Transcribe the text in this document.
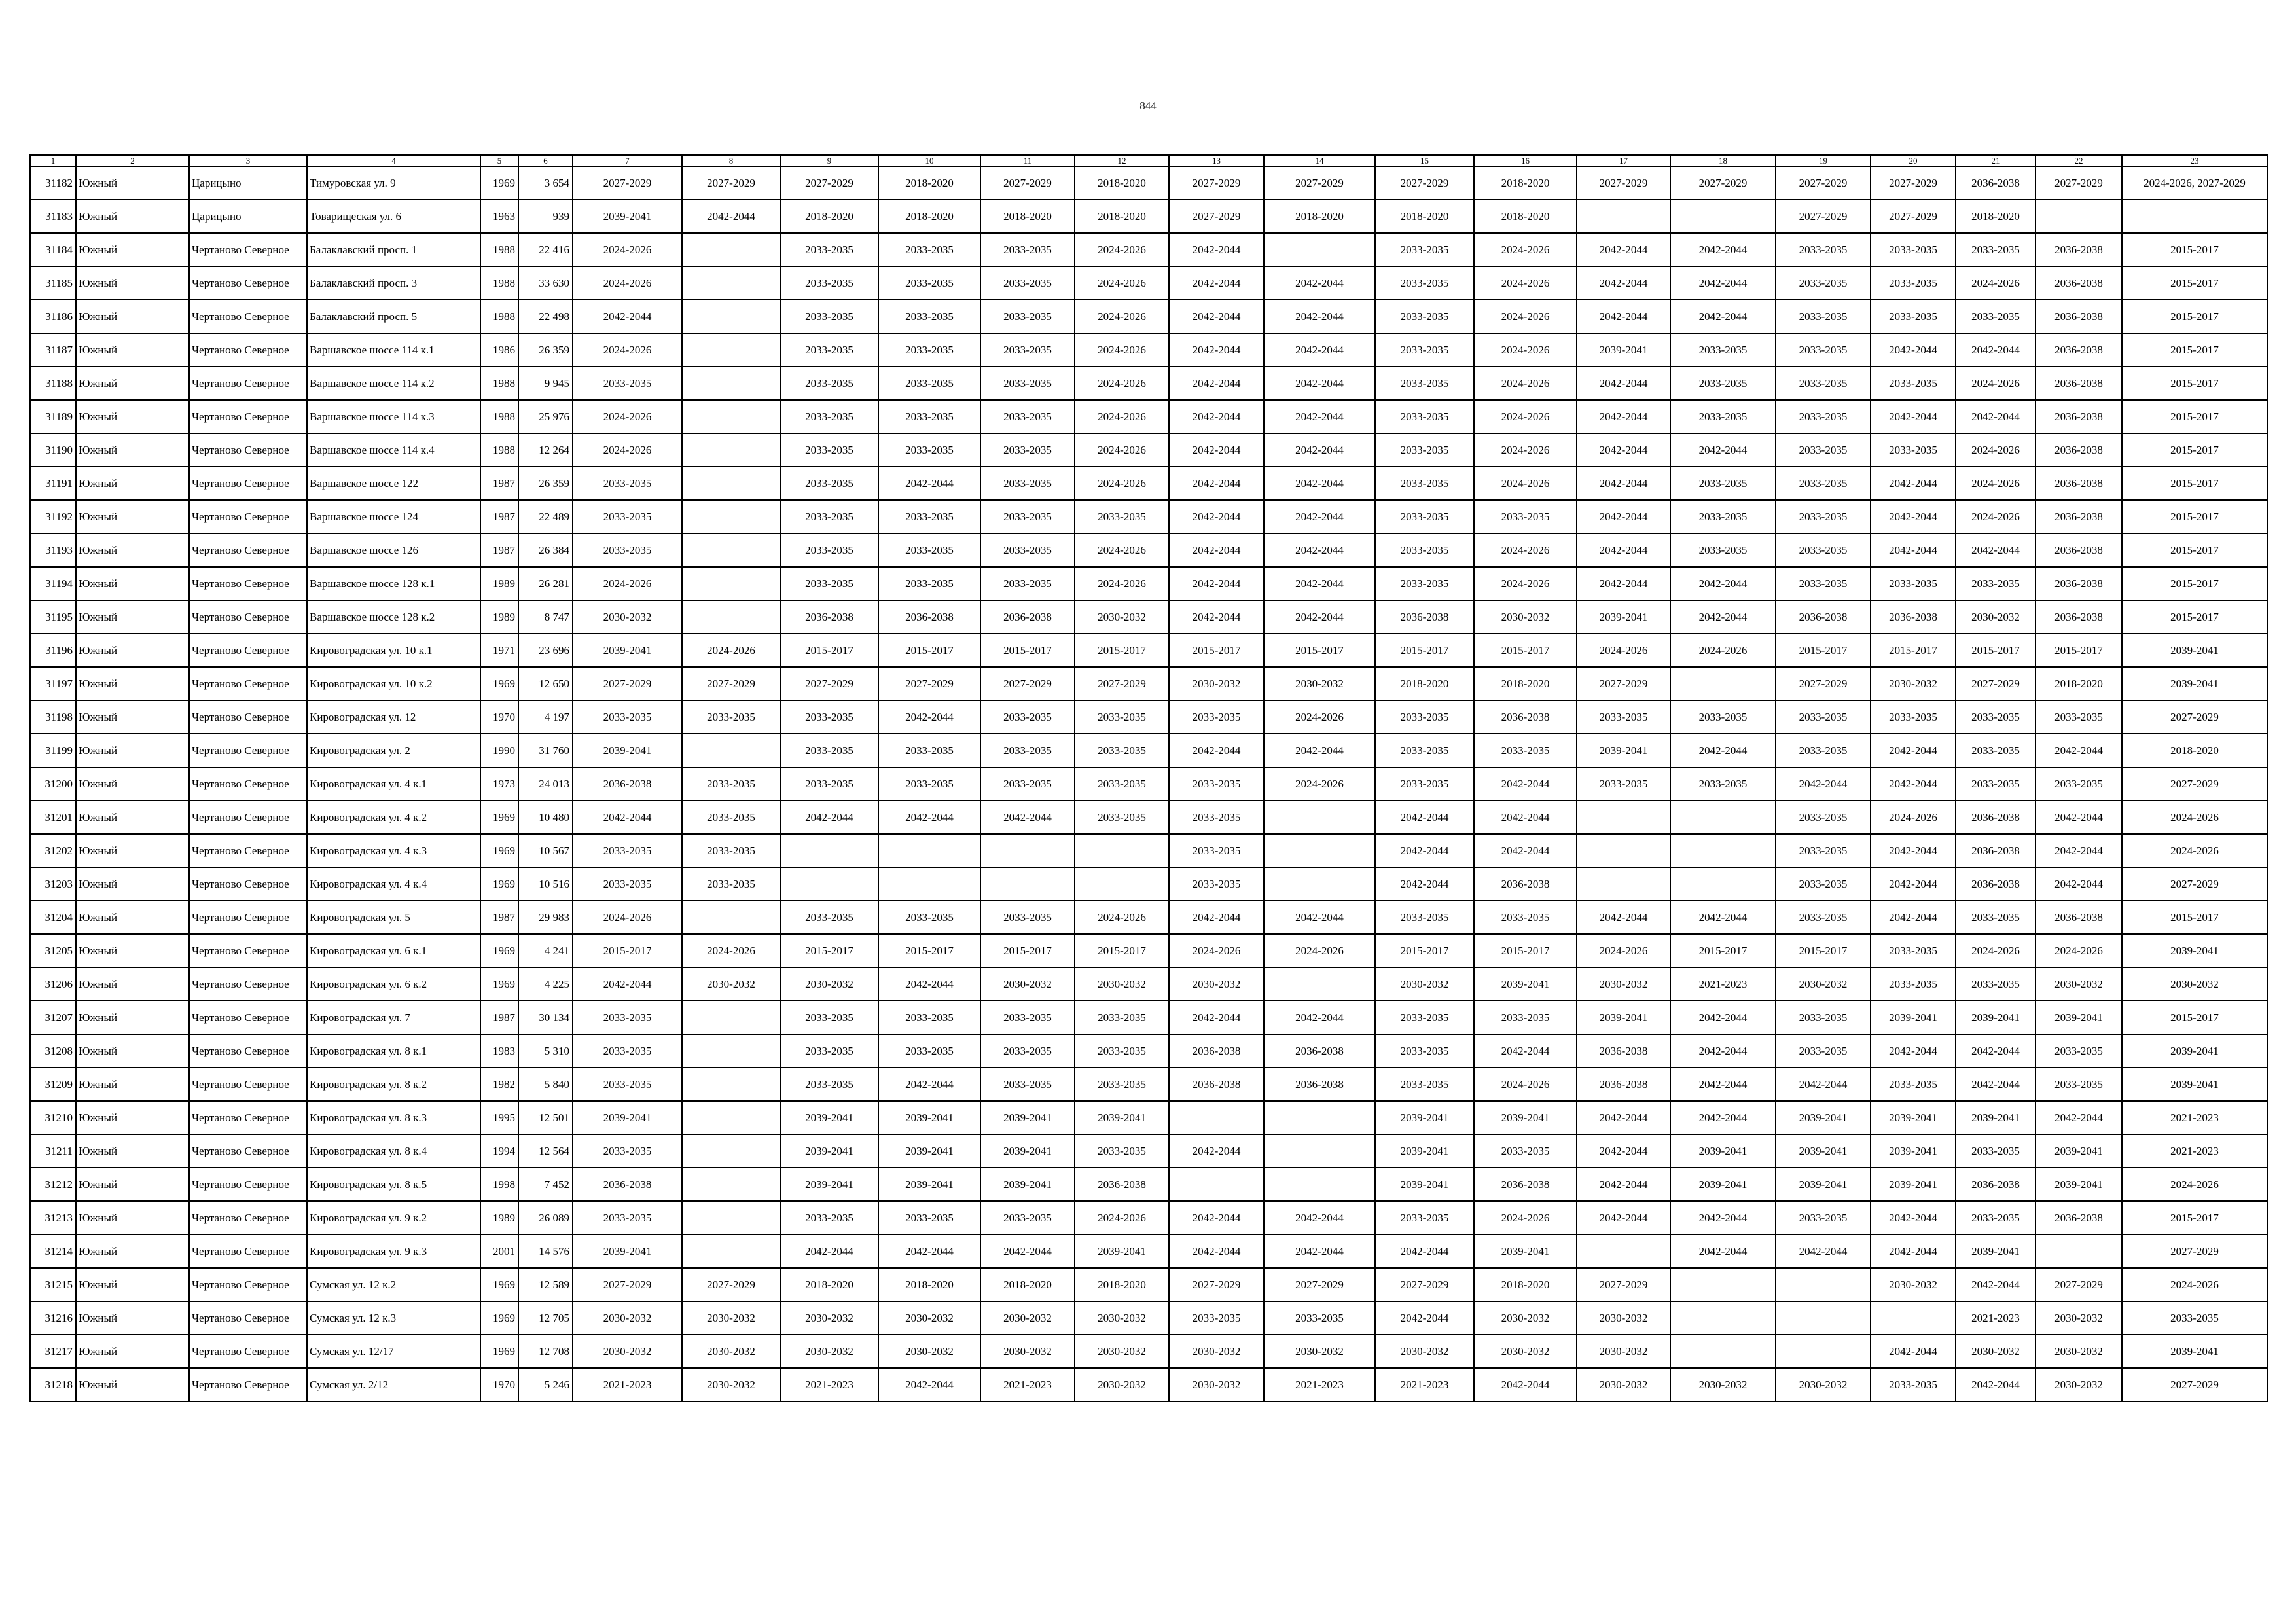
844
1	2	3	4	5	6	7	8	9	10	11	12	13	14	15	16	17	18	19	20	21	22	23
31182	Южный	Царицыно	Тимуровская ул. 9	1969	3 654	2027-2029	2027-2029	2027-2029	2018-2020	2027-2029	2018-2020	2027-2029	2027-2029	2027-2029	2018-2020	2027-2029	2027-2029	2027-2029	2027-2029	2036-2038	2027-2029	2024-2026, 2027-2029
31183	Южный	Царицыно	Товарищеская ул. 6	1963	939	2039-2041	2042-2044	2018-2020	2018-2020	2018-2020	2018-2020	2027-2029	2018-2020	2018-2020	2018-2020			2027-2029	2027-2029	2018-2020		
31184	Южный	Чертаново Северное	Балаклавский просп. 1	1988	22 416	2024-2026		2033-2035	2033-2035	2033-2035	2024-2026	2042-2044		2033-2035	2024-2026	2042-2044	2042-2044	2033-2035	2033-2035	2033-2035	2036-2038	2015-2017
31185	Южный	Чертаново Северное	Балаклавский просп. 3	1988	33 630	2024-2026		2033-2035	2033-2035	2033-2035	2024-2026	2042-2044	2042-2044	2033-2035	2024-2026	2042-2044	2042-2044	2033-2035	2033-2035	2024-2026	2036-2038	2015-2017
31186	Южный	Чертаново Северное	Балаклавский просп. 5	1988	22 498	2042-2044		2033-2035	2033-2035	2033-2035	2024-2026	2042-2044	2042-2044	2033-2035	2024-2026	2042-2044	2042-2044	2033-2035	2033-2035	2033-2035	2036-2038	2015-2017
31187	Южный	Чертаново Северное	Варшавское шоссе 114 к.1	1986	26 359	2024-2026		2033-2035	2033-2035	2033-2035	2024-2026	2042-2044	2042-2044	2033-2035	2024-2026	2039-2041	2033-2035	2033-2035	2042-2044	2042-2044	2036-2038	2015-2017
31188	Южный	Чертаново Северное	Варшавское шоссе 114 к.2	1988	9 945	2033-2035		2033-2035	2033-2035	2033-2035	2024-2026	2042-2044	2042-2044	2033-2035	2024-2026	2042-2044	2033-2035	2033-2035	2033-2035	2024-2026	2036-2038	2015-2017
31189	Южный	Чертаново Северное	Варшавское шоссе 114 к.3	1988	25 976	2024-2026		2033-2035	2033-2035	2033-2035	2024-2026	2042-2044	2042-2044	2033-2035	2024-2026	2042-2044	2033-2035	2033-2035	2042-2044	2042-2044	2036-2038	2015-2017
31190	Южный	Чертаново Северное	Варшавское шоссе 114 к.4	1988	12 264	2024-2026		2033-2035	2033-2035	2033-2035	2024-2026	2042-2044	2042-2044	2033-2035	2024-2026	2042-2044	2042-2044	2033-2035	2033-2035	2024-2026	2036-2038	2015-2017
31191	Южный	Чертаново Северное	Варшавское шоссе 122	1987	26 359	2033-2035		2033-2035	2042-2044	2033-2035	2024-2026	2042-2044	2042-2044	2033-2035	2024-2026	2042-2044	2033-2035	2033-2035	2042-2044	2024-2026	2036-2038	2015-2017
31192	Южный	Чертаново Северное	Варшавское шоссе 124	1987	22 489	2033-2035		2033-2035	2033-2035	2033-2035	2033-2035	2042-2044	2042-2044	2033-2035	2033-2035	2042-2044	2033-2035	2033-2035	2042-2044	2024-2026	2036-2038	2015-2017
31193	Южный	Чертаново Северное	Варшавское шоссе 126	1987	26 384	2033-2035		2033-2035	2033-2035	2033-2035	2024-2026	2042-2044	2042-2044	2033-2035	2024-2026	2042-2044	2033-2035	2033-2035	2042-2044	2042-2044	2036-2038	2015-2017
31194	Южный	Чертаново Северное	Варшавское шоссе 128 к.1	1989	26 281	2024-2026		2033-2035	2033-2035	2033-2035	2024-2026	2042-2044	2042-2044	2033-2035	2024-2026	2042-2044	2042-2044	2033-2035	2033-2035	2033-2035	2036-2038	2015-2017
31195	Южный	Чертаново Северное	Варшавское шоссе 128 к.2	1989	8 747	2030-2032		2036-2038	2036-2038	2036-2038	2030-2032	2042-2044	2042-2044	2036-2038	2030-2032	2039-2041	2042-2044	2036-2038	2036-2038	2030-2032	2036-2038	2015-2017
31196	Южный	Чертаново Северное	Кировоградская ул. 10 к.1	1971	23 696	2039-2041	2024-2026	2015-2017	2015-2017	2015-2017	2015-2017	2015-2017	2015-2017	2015-2017	2015-2017	2024-2026	2024-2026	2015-2017	2015-2017	2015-2017	2015-2017	2039-2041
31197	Южный	Чертаново Северное	Кировоградская ул. 10 к.2	1969	12 650	2027-2029	2027-2029	2027-2029	2027-2029	2027-2029	2027-2029	2030-2032	2030-2032	2018-2020	2018-2020	2027-2029		2027-2029	2030-2032	2027-2029	2018-2020	2039-2041
31198	Южный	Чертаново Северное	Кировоградская ул. 12	1970	4 197	2033-2035	2033-2035	2033-2035	2042-2044	2033-2035	2033-2035	2033-2035	2024-2026	2033-2035	2036-2038	2033-2035	2033-2035	2033-2035	2033-2035	2033-2035	2033-2035	2027-2029
31199	Южный	Чертаново Северное	Кировоградская ул. 2	1990	31 760	2039-2041		2033-2035	2033-2035	2033-2035	2033-2035	2042-2044	2042-2044	2033-2035	2033-2035	2039-2041	2042-2044	2033-2035	2042-2044	2033-2035	2042-2044	2018-2020
31200	Южный	Чертаново Северное	Кировоградская ул. 4 к.1	1973	24 013	2036-2038	2033-2035	2033-2035	2033-2035	2033-2035	2033-2035	2033-2035	2024-2026	2033-2035	2042-2044	2033-2035	2033-2035	2042-2044	2042-2044	2033-2035	2033-2035	2027-2029
31201	Южный	Чертаново Северное	Кировоградская ул. 4 к.2	1969	10 480	2042-2044	2033-2035	2042-2044	2042-2044	2042-2044	2033-2035	2033-2035		2042-2044	2042-2044			2033-2035	2024-2026	2036-2038	2042-2044	2024-2026
31202	Южный	Чертаново Северное	Кировоградская ул. 4 к.3	1969	10 567	2033-2035	2033-2035					2033-2035		2042-2044	2042-2044			2033-2035	2042-2044	2036-2038	2042-2044	2024-2026
31203	Южный	Чертаново Северное	Кировоградская ул. 4 к.4	1969	10 516	2033-2035	2033-2035					2033-2035		2042-2044	2036-2038			2033-2035	2042-2044	2036-2038	2042-2044	2027-2029
31204	Южный	Чертаново Северное	Кировоградская ул. 5	1987	29 983	2024-2026		2033-2035	2033-2035	2033-2035	2024-2026	2042-2044	2042-2044	2033-2035	2033-2035	2042-2044	2042-2044	2033-2035	2042-2044	2033-2035	2036-2038	2015-2017
31205	Южный	Чертаново Северное	Кировоградская ул. 6 к.1	1969	4 241	2015-2017	2024-2026	2015-2017	2015-2017	2015-2017	2015-2017	2024-2026	2024-2026	2015-2017	2015-2017	2024-2026	2015-2017	2015-2017	2033-2035	2024-2026	2024-2026	2039-2041
31206	Южный	Чертаново Северное	Кировоградская ул. 6 к.2	1969	4 225	2042-2044	2030-2032	2030-2032	2042-2044	2030-2032	2030-2032	2030-2032		2030-2032	2039-2041	2030-2032	2021-2023	2030-2032	2033-2035	2033-2035	2030-2032	2030-2032
31207	Южный	Чертаново Северное	Кировоградская ул. 7	1987	30 134	2033-2035		2033-2035	2033-2035	2033-2035	2033-2035	2042-2044	2042-2044	2033-2035	2033-2035	2039-2041	2042-2044	2033-2035	2039-2041	2039-2041	2039-2041	2015-2017
31208	Южный	Чертаново Северное	Кировоградская ул. 8 к.1	1983	5 310	2033-2035		2033-2035	2033-2035	2033-2035	2033-2035	2036-2038	2036-2038	2033-2035	2042-2044	2036-2038	2042-2044	2033-2035	2042-2044	2042-2044	2033-2035	2039-2041
31209	Южный	Чертаново Северное	Кировоградская ул. 8 к.2	1982	5 840	2033-2035		2033-2035	2042-2044	2033-2035	2033-2035	2036-2038	2036-2038	2033-2035	2024-2026	2036-2038	2042-2044	2042-2044	2033-2035	2042-2044	2033-2035	2039-2041
31210	Южный	Чертаново Северное	Кировоградская ул. 8 к.3	1995	12 501	2039-2041		2039-2041	2039-2041	2039-2041	2039-2041			2039-2041	2039-2041	2042-2044	2042-2044	2039-2041	2039-2041	2039-2041	2042-2044	2021-2023
31211	Южный	Чертаново Северное	Кировоградская ул. 8 к.4	1994	12 564	2033-2035		2039-2041	2039-2041	2039-2041	2033-2035	2042-2044		2039-2041	2033-2035	2042-2044	2039-2041	2039-2041	2039-2041	2033-2035	2039-2041	2021-2023
31212	Южный	Чертаново Северное	Кировоградская ул. 8 к.5	1998	7 452	2036-2038		2039-2041	2039-2041	2039-2041	2036-2038			2039-2041	2036-2038	2042-2044	2039-2041	2039-2041	2039-2041	2036-2038	2039-2041	2024-2026
31213	Южный	Чертаново Северное	Кировоградская ул. 9 к.2	1989	26 089	2033-2035		2033-2035	2033-2035	2033-2035	2024-2026	2042-2044	2042-2044	2033-2035	2024-2026	2042-2044	2042-2044	2033-2035	2042-2044	2033-2035	2036-2038	2015-2017
31214	Южный	Чертаново Северное	Кировоградская ул. 9 к.3	2001	14 576	2039-2041		2042-2044	2042-2044	2042-2044	2039-2041	2042-2044	2042-2044	2042-2044	2039-2041		2042-2044	2042-2044	2042-2044	2039-2041		2027-2029
31215	Южный	Чертаново Северное	Сумская ул. 12 к.2	1969	12 589	2027-2029	2027-2029	2018-2020	2018-2020	2018-2020	2018-2020	2027-2029	2027-2029	2027-2029	2018-2020	2027-2029			2030-2032	2042-2044	2027-2029	2024-2026
31216	Южный	Чертаново Северное	Сумская ул. 12 к.3	1969	12 705	2030-2032	2030-2032	2030-2032	2030-2032	2030-2032	2030-2032	2033-2035	2033-2035	2042-2044	2030-2032	2030-2032				2021-2023	2030-2032	2033-2035
31217	Южный	Чертаново Северное	Сумская ул. 12/17	1969	12 708	2030-2032	2030-2032	2030-2032	2030-2032	2030-2032	2030-2032	2030-2032	2030-2032	2030-2032	2030-2032	2030-2032			2042-2044	2030-2032	2030-2032	2039-2041
31218	Южный	Чертаново Северное	Сумская ул. 2/12	1970	5 246	2021-2023	2030-2032	2021-2023	2042-2044	2021-2023	2030-2032	2030-2032	2021-2023	2021-2023	2042-2044	2030-2032	2030-2032	2030-2032	2033-2035	2042-2044	2030-2032	2027-2029
